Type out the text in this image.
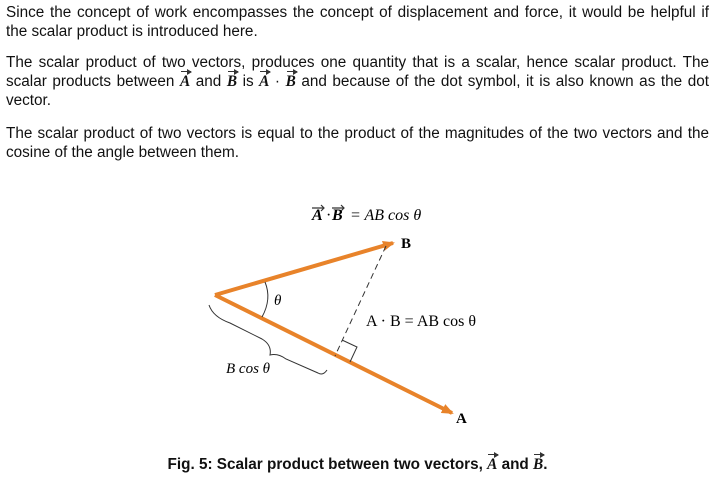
Since the concept of work encompasses the concept of displacement and force, it would be helpful if the scalar product is introduced here.

The scalar product of two vectors, produces one quantity that is a scalar, hence scalar product. The scalar products between A and B is A · B and because of the dot symbol, it is also known as the dot vector.

The scalar product of two vectors is equal to the product of the magnitudes of the two vectors and the cosine of the angle between them.

A · B = AB cos θ
B
A
θ
A · B = AB cos θ
B cos θ
Fig. 5: Scalar product between two vectors, A and B.
